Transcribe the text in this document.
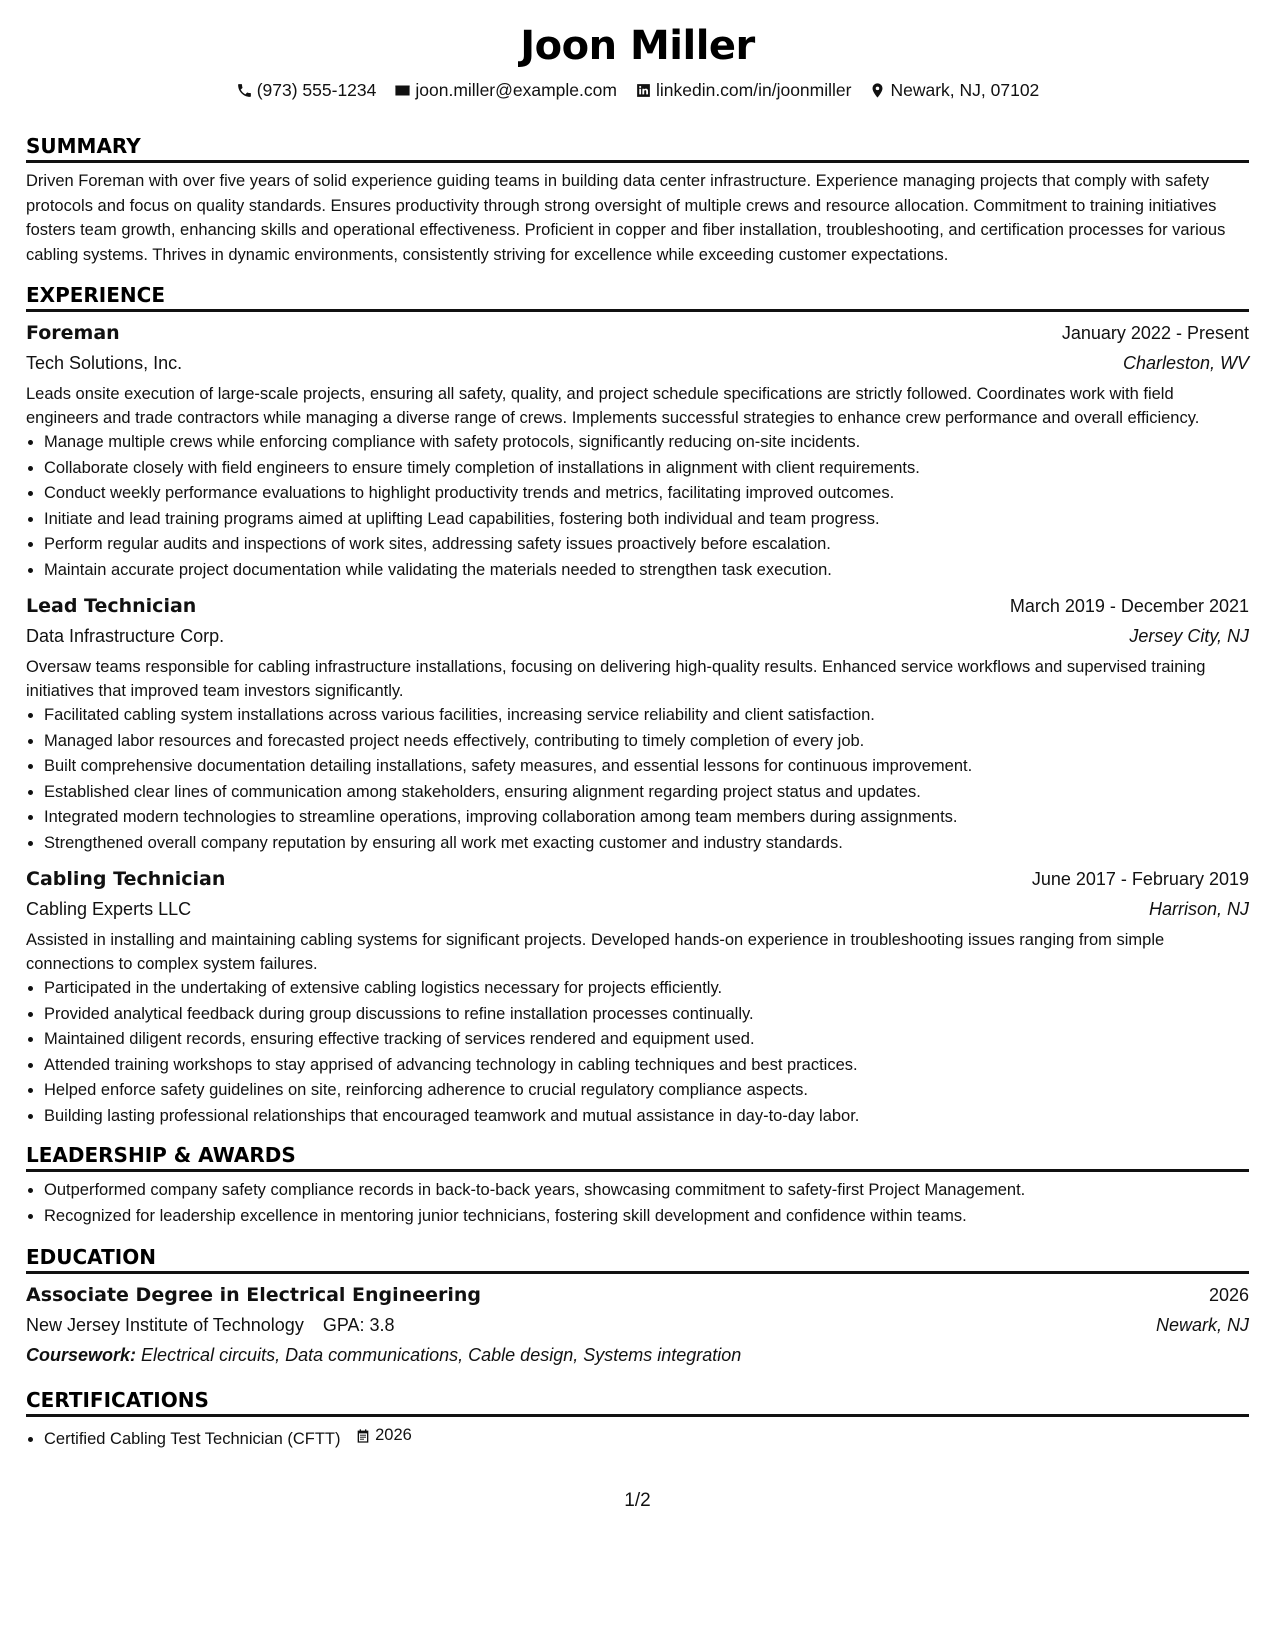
Joon Miller
(973) 555-1234 joon.miller@example.com linkedin.com/in/joonmiller Newark, NJ, 07102
SUMMARY

Driven Foreman with over five years of solid experience guiding teams in building data center infrastructure. Experience managing projects that comply with safety protocols and focus on quality standards. Ensures productivity through strong oversight of multiple crews and resource allocation. Commitment to training initiatives fosters team growth, enhancing skills and operational effectiveness. Proficient in copper and fiber installation, troubleshooting, and certification processes for various cabling systems. Thrives in dynamic environments, consistently striving for excellence while exceeding customer expectations.

EXPERIENCE
Foreman	January 2022 - Present
Tech Solutions, Inc.	Charleston, WV

Leads onsite execution of large-scale projects, ensuring all safety, quality, and project schedule specifications are strictly followed. Coordinates work with field engineers and trade contractors while managing a diverse range of crews. Implements successful strategies to enhance crew performance and overall efficiency.

• Manage multiple crews while enforcing compliance with safety protocols, significantly reducing on-site incidents.
• Collaborate closely with field engineers to ensure timely completion of installations in alignment with client requirements.
• Conduct weekly performance evaluations to highlight productivity trends and metrics, facilitating improved outcomes.
• Initiate and lead training programs aimed at uplifting Lead capabilities, fostering both individual and team progress.
• Perform regular audits and inspections of work sites, addressing safety issues proactively before escalation.
• Maintain accurate project documentation while validating the materials needed to strengthen task execution.
Lead Technician	March 2019 - December 2021
Data Infrastructure Corp.	Jersey City, NJ

Oversaw teams responsible for cabling infrastructure installations, focusing on delivering high-quality results. Enhanced service workflows and supervised training initiatives that improved team investors significantly.

• Facilitated cabling system installations across various facilities, increasing service reliability and client satisfaction.
• Managed labor resources and forecasted project needs effectively, contributing to timely completion of every job.
• Built comprehensive documentation detailing installations, safety measures, and essential lessons for continuous improvement.
• Established clear lines of communication among stakeholders, ensuring alignment regarding project status and updates.
• Integrated modern technologies to streamline operations, improving collaboration among team members during assignments.
• Strengthened overall company reputation by ensuring all work met exacting customer and industry standards.
Cabling Technician	June 2017 - February 2019
Cabling Experts LLC	Harrison, NJ

Assisted in installing and maintaining cabling systems for significant projects. Developed hands-on experience in troubleshooting issues ranging from simple connections to complex system failures.

• Participated in the undertaking of extensive cabling logistics necessary for projects efficiently.
• Provided analytical feedback during group discussions to refine installation processes continually.
• Maintained diligent records, ensuring effective tracking of services rendered and equipment used.
• Attended training workshops to stay apprised of advancing technology in cabling techniques and best practices.
• Helped enforce safety guidelines on site, reinforcing adherence to crucial regulatory compliance aspects.
• Building lasting professional relationships that encouraged teamwork and mutual assistance in day-to-day labor.
LEADERSHIP & AWARDS
• Outperformed company safety compliance records in back-to-back years, showcasing commitment to safety-first Project Management.
• Recognized for leadership excellence in mentoring junior technicians, fostering skill development and confidence within teams.
EDUCATION
Associate Degree in Electrical Engineering	2026
New Jersey Institute of Technology GPA: 3.8	Newark, NJ
Coursework: Electrical circuits, Data communications, Cable design, Systems integration
CERTIFICATIONS
• Certified Cabling Test Technician (CFTT) 2026
1/2
